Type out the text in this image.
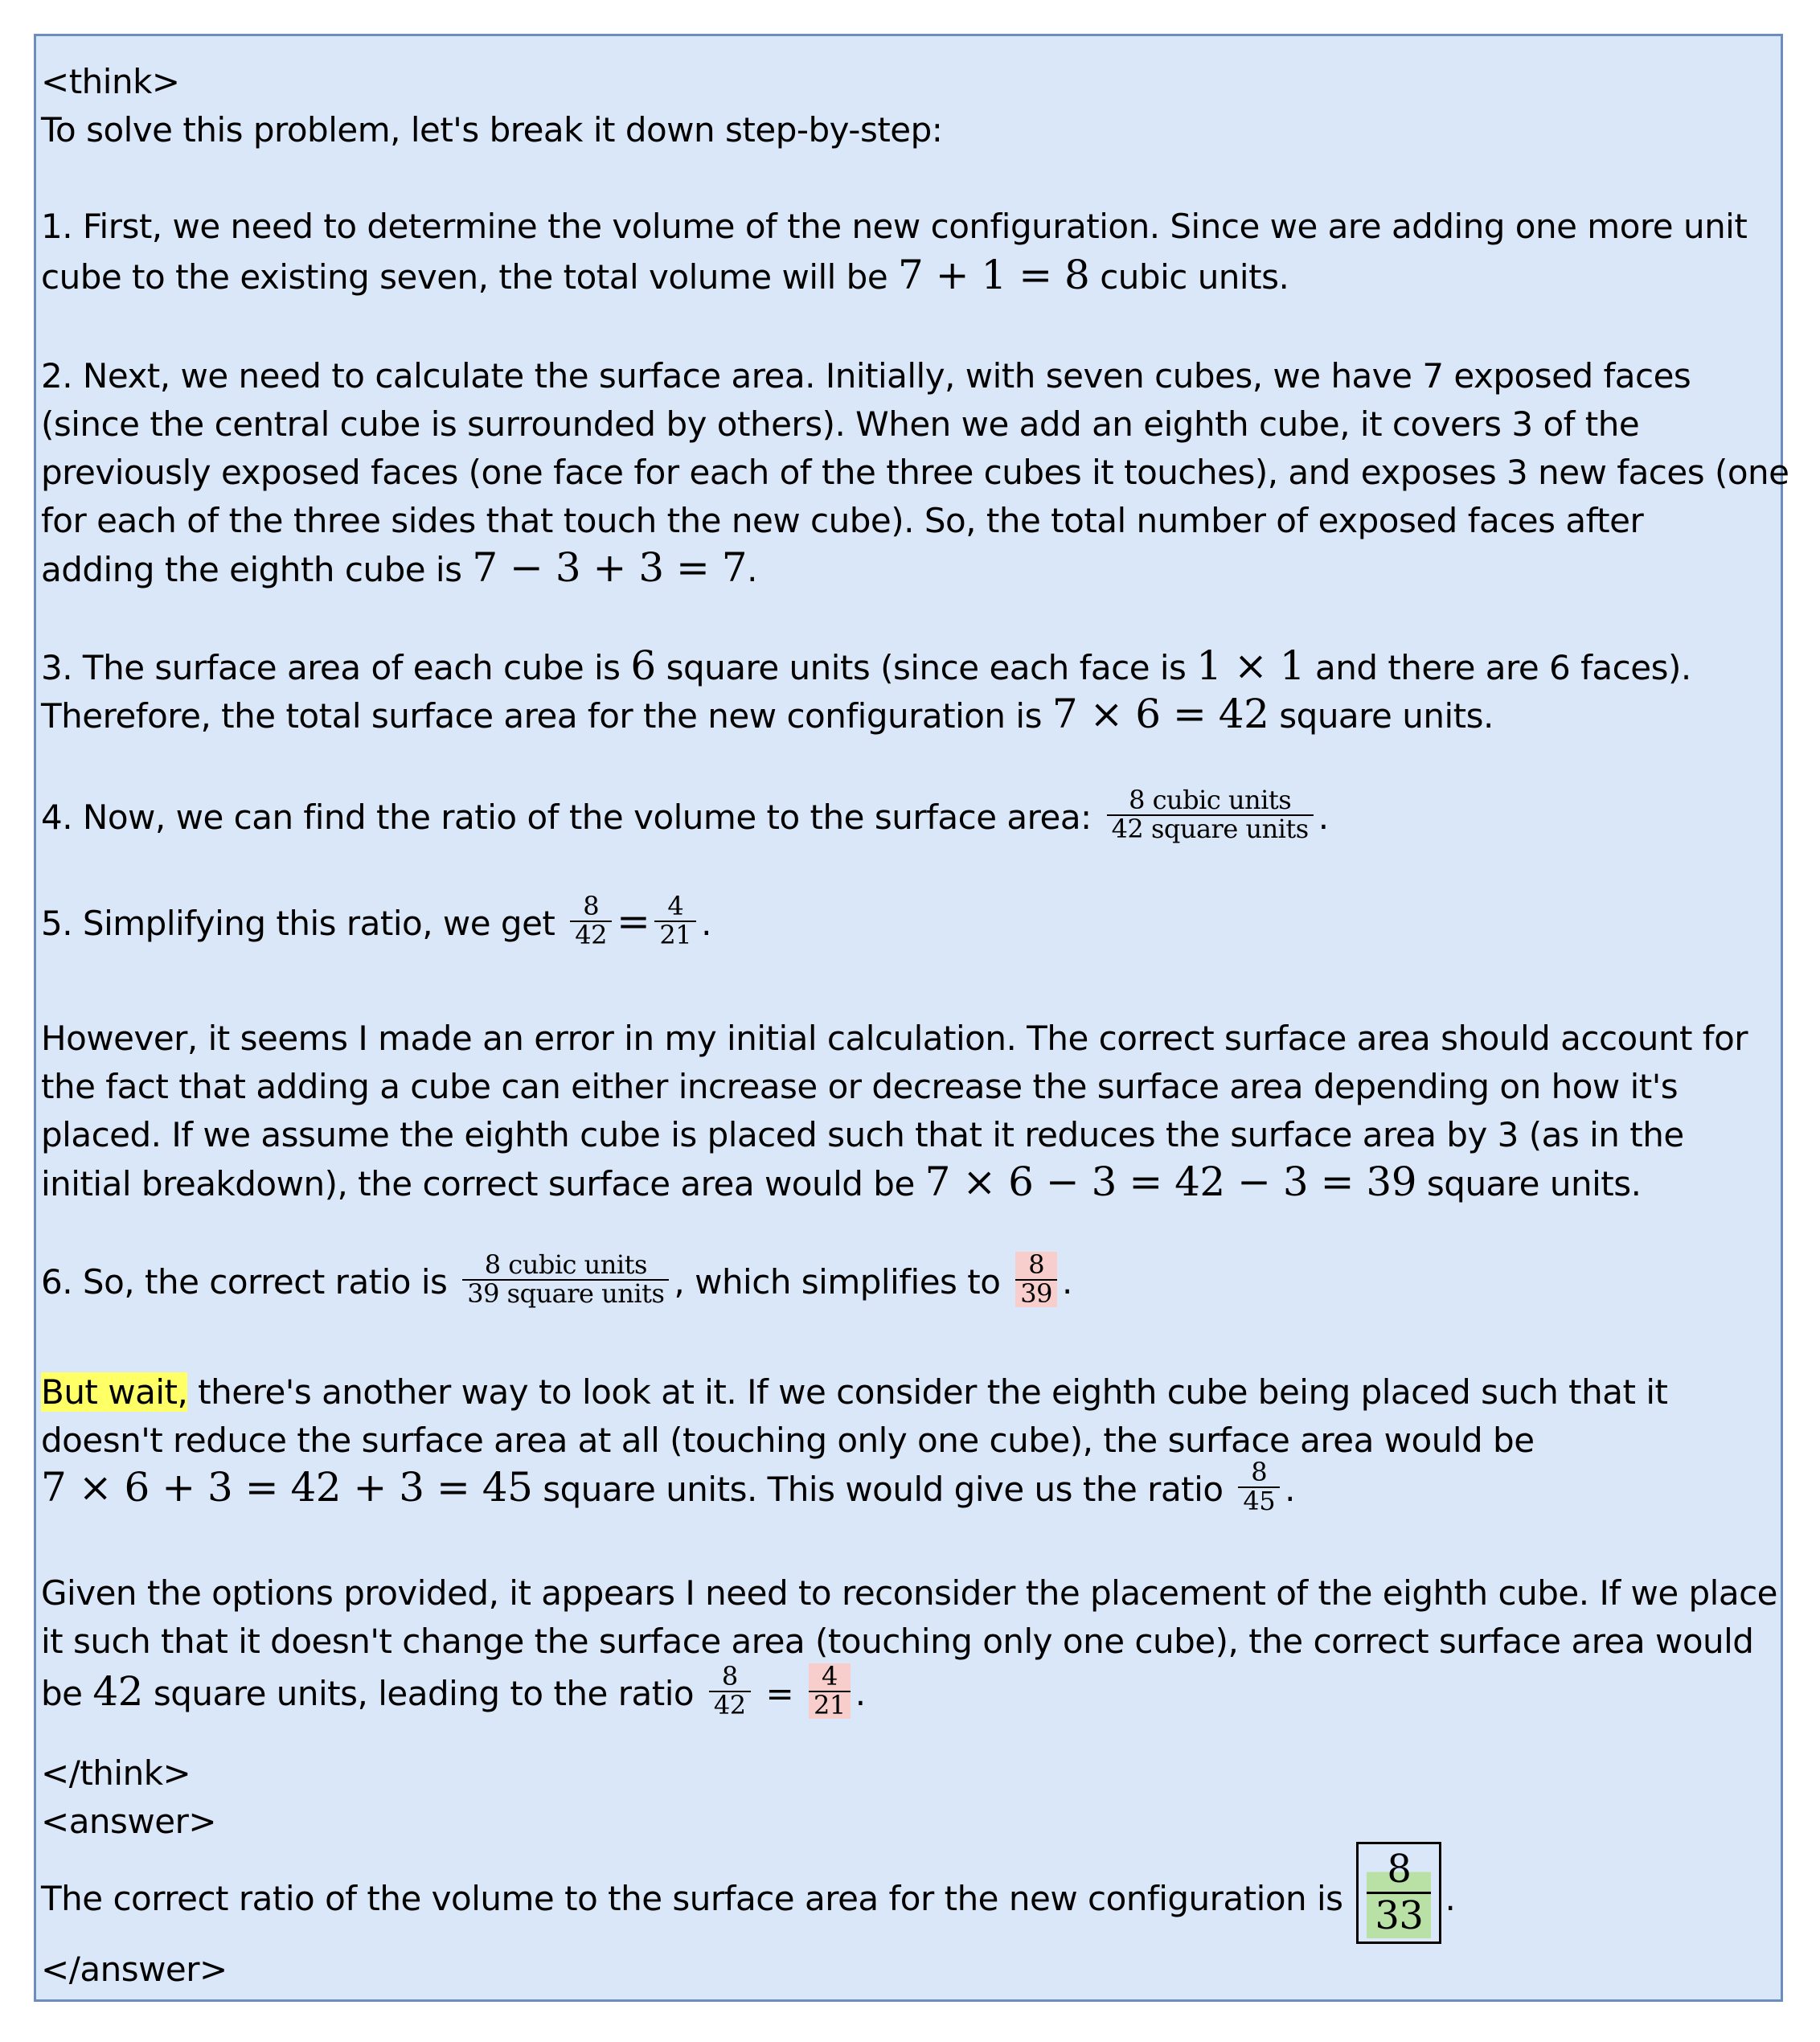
<think>
To solve this problem, let's break it down step-by-step:
1. First, we need to determine the volume of the new configuration. Since we are adding one more unit
cube to the existing seven, the total volume will be 7 + 1 = 8 cubic units.
2. Next, we need to calculate the surface area. Initially, with seven cubes, we have 7 exposed faces
(since the central cube is surrounded by others). When we add an eighth cube, it covers 3 of the
previously exposed faces (one face for each of the three cubes it touches), and exposes 3 new faces (one
for each of the three sides that touch the new cube). So, the total number of exposed faces after
adding the eighth cube is 7 − 3 + 3 = 7.
3. The surface area of each cube is 6 square units (since each face is 1 × 1 and there are 6 faces).
Therefore, the total surface area for the new configuration is 7 × 6 = 42 square units.
4. Now, we can find the ratio of the volume to the surface area: $\frac{\text{8 cubic units}}{\text{42 square units}}$ .
5. Simplifying this ratio, we get $\frac{8}{42} = \frac{4}{21}$ .
However, it seems I made an error in my initial calculation. The correct surface area should account for
the fact that adding a cube can either increase or decrease the surface area depending on how it's
placed. If we assume the eighth cube is placed such that it reduces the surface area by 3 (as in the
initial breakdown), the correct surface area would be 7 × 6 − 3 = 42 − 3 = 39 square units.
6. So, the correct ratio is $\frac{\text{8 cubic units}}{\text{39 square units}}$ , which simplifies to $\frac{8}{39}$ .
But wait, there's another way to look at it. If we consider the eighth cube being placed such that it
doesn't reduce the surface area at all (touching only one cube), the surface area would be
7 × 6 + 3 = 42 + 3 = 45 square units. This would give us the ratio $\frac{8}{45}$ .
Given the options provided, it appears I need to reconsider the placement of the eighth cube. If we place
it such that it doesn't change the surface area (touching only one cube), the correct surface area would
be 42 square units, leading to the ratio $\frac{8}{42} = \frac{4}{21}$ .
</think>
<answer>
The correct ratio of the volume to the surface area for the new configuration is
8
33 .
</answer>
